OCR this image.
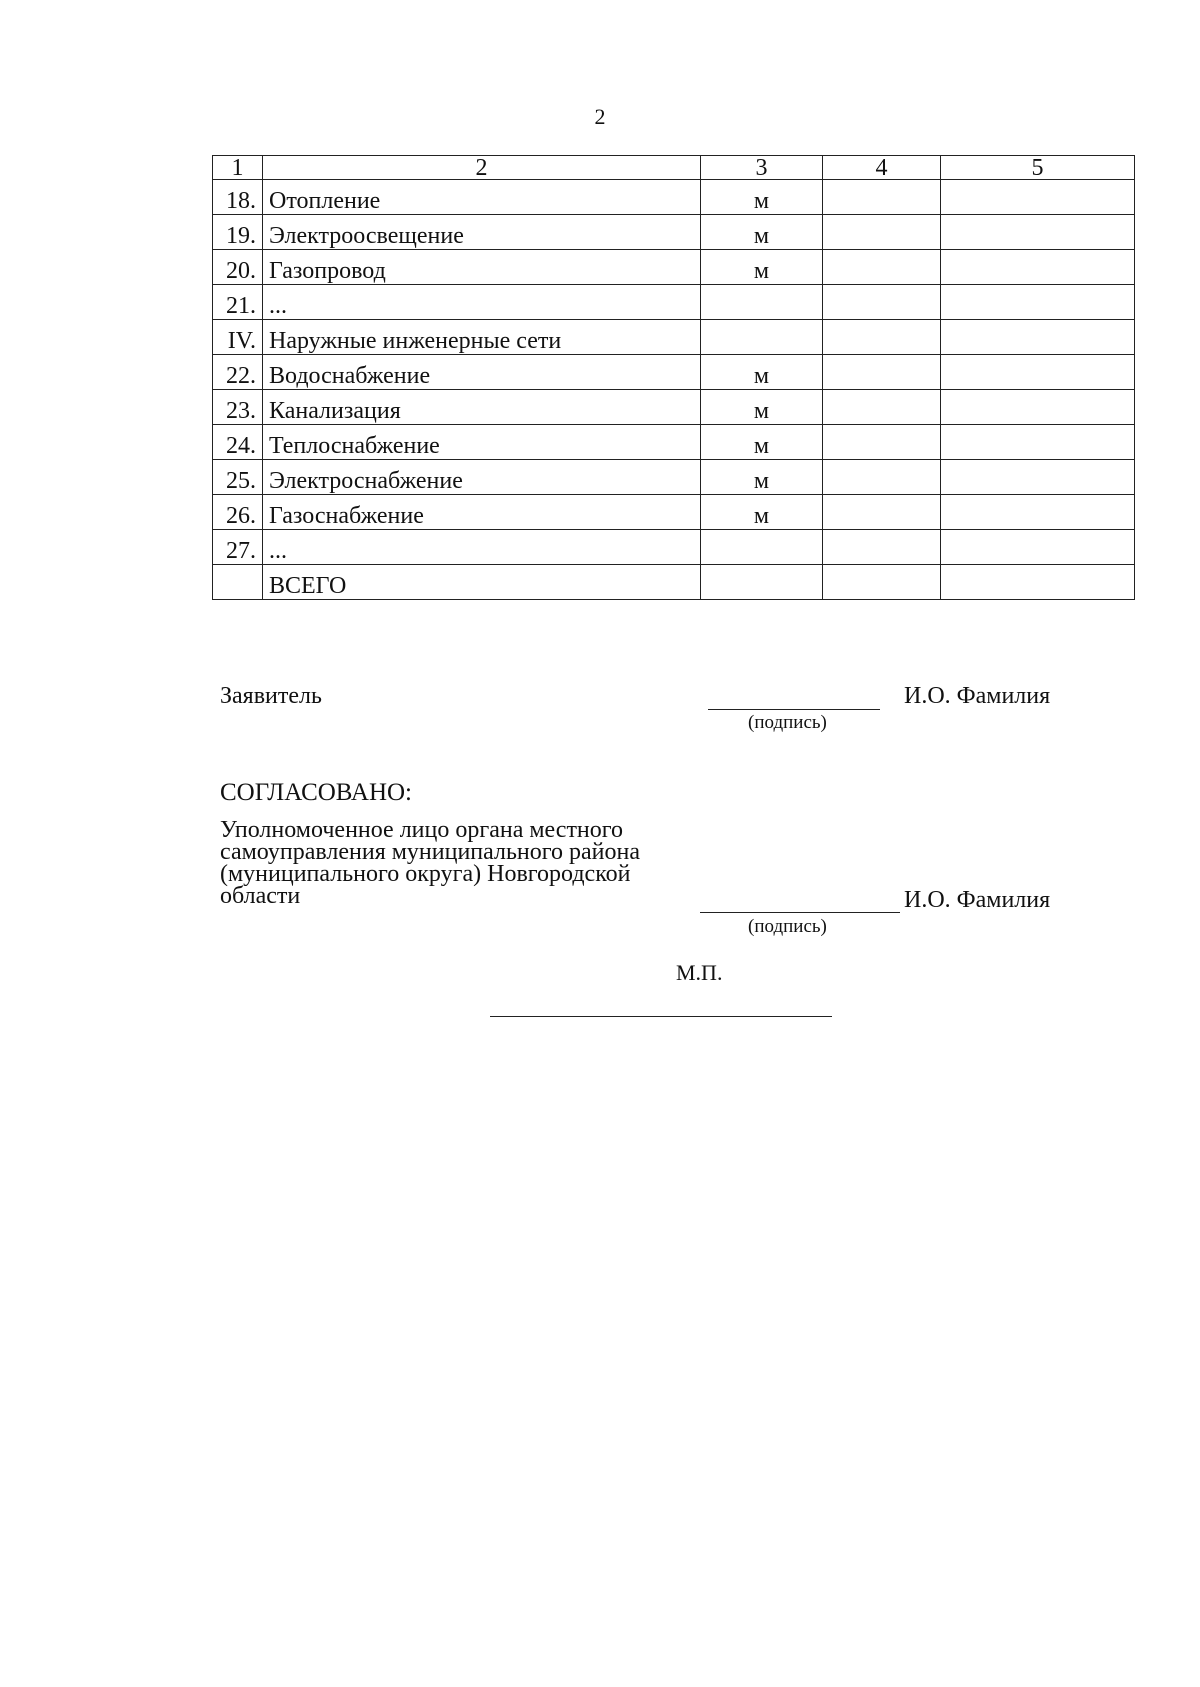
2
1	2	3	4	5
18.	Отопление	м		
19.	Электроосвещение	м		
20.	Газопровод	м		
21.	...			
IV.	Наружные инженерные сети			
22.	Водоснабжение	м		
23.	Канализация	м		
24.	Теплоснабжение	м		
25.	Электроснабжение	м		
26.	Газоснабжение	м		
27.	...			
	ВСЕГО			
Заявитель
(подпись)
И.О. Фамилия
СОГЛАСОВАНО:
Уполномоченное лицо органа местного
самоуправления муниципального района
(муниципального округа) Новгородской
области
(подпись)
И.О. Фамилия
М.П.
